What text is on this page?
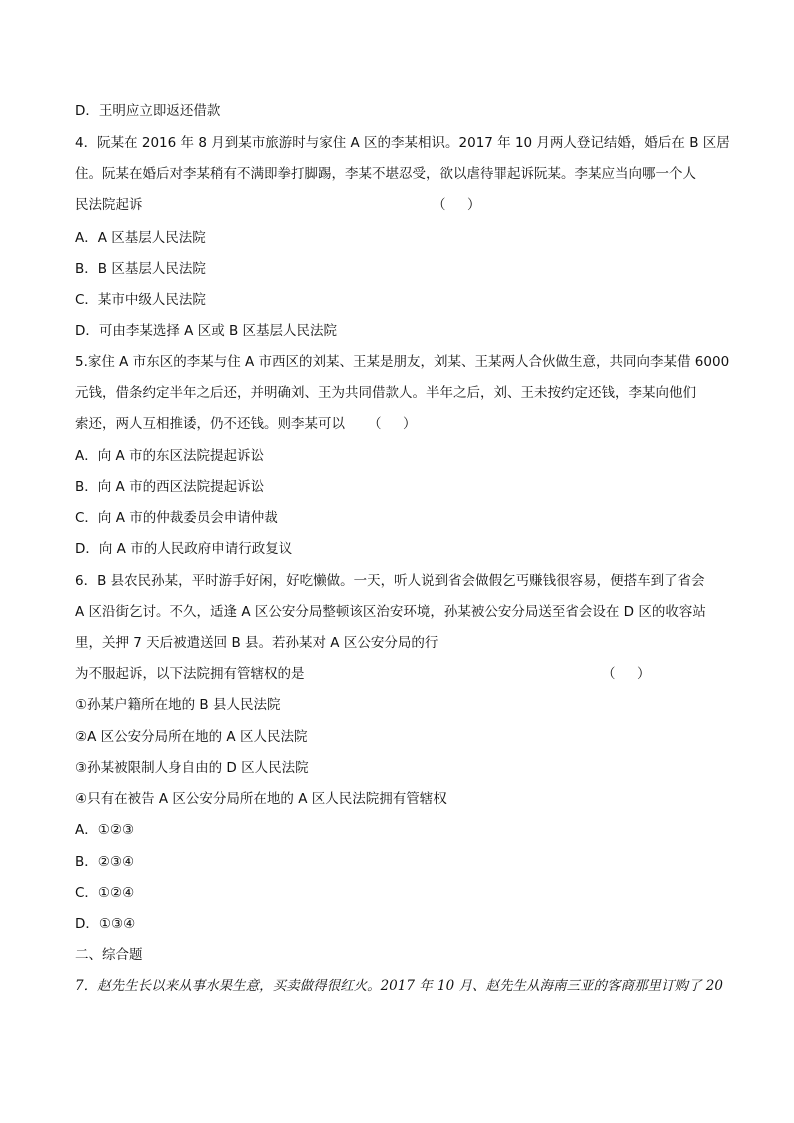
D．王明应立即返还借款
4．阮某在 2016 年 8 月到某市旅游时与家住 A 区的李某相识。2017 年 10 月两人登记结婚，婚后在 B 区居
住。阮某在婚后对李某稍有不满即拳打脚踢，李某不堪忍受，欲以虐待罪起诉阮某。李某应当向哪一个人
民法院起诉	（     ）
A．A 区基层人民法院
B．B 区基层人民法院
C．某市中级人民法院
D．可由李某选择 A 区或 B 区基层人民法院
5.家住 A 市东区的李某与住 A 市西区的刘某、王某是朋友，刘某、王某两人合伙做生意，共同向李某借 6000
元钱，借条约定半年之后还，并明确刘、王为共同借款人。半年之后，刘、王未按约定还钱，李某向他们
索还，两人互相推诿，仍不还钱。则李某可以	（     ）
A．向 A 市的东区法院提起诉讼
B．向 A 市的西区法院提起诉讼
C．向 A 市的仲裁委员会申请仲裁
D．向 A 市的人民政府申请行政复议
6．B 县农民孙某，平时游手好闲，好吃懒做。一天，听人说到省会做假乞丐赚钱很容易，便搭车到了省会
A 区沿街乞讨。不久，适逢 A 区公安分局整顿该区治安环境，孙某被公安分局送至省会设在 D 区的收容站
里，关押 7 天后被遣送回 B 县。若孙某对 A 区公安分局的行
为不服起诉，以下法院拥有管辖权的是	（     ）
①孙某户籍所在地的 B 县人民法院
②A 区公安分局所在地的 A 区人民法院
③孙某被限制人身自由的 D 区人民法院
④只有在被告 A 区公安分局所在地的 A 区人民法院拥有管辖权
A．①②③
B．②③④
C．①②④
D．①③④
二、综合题
7．赵先生长以来从事水果生意，买卖做得很红火。2017 年 10 月、赵先生从海南三亚的客商那里订购了 20
